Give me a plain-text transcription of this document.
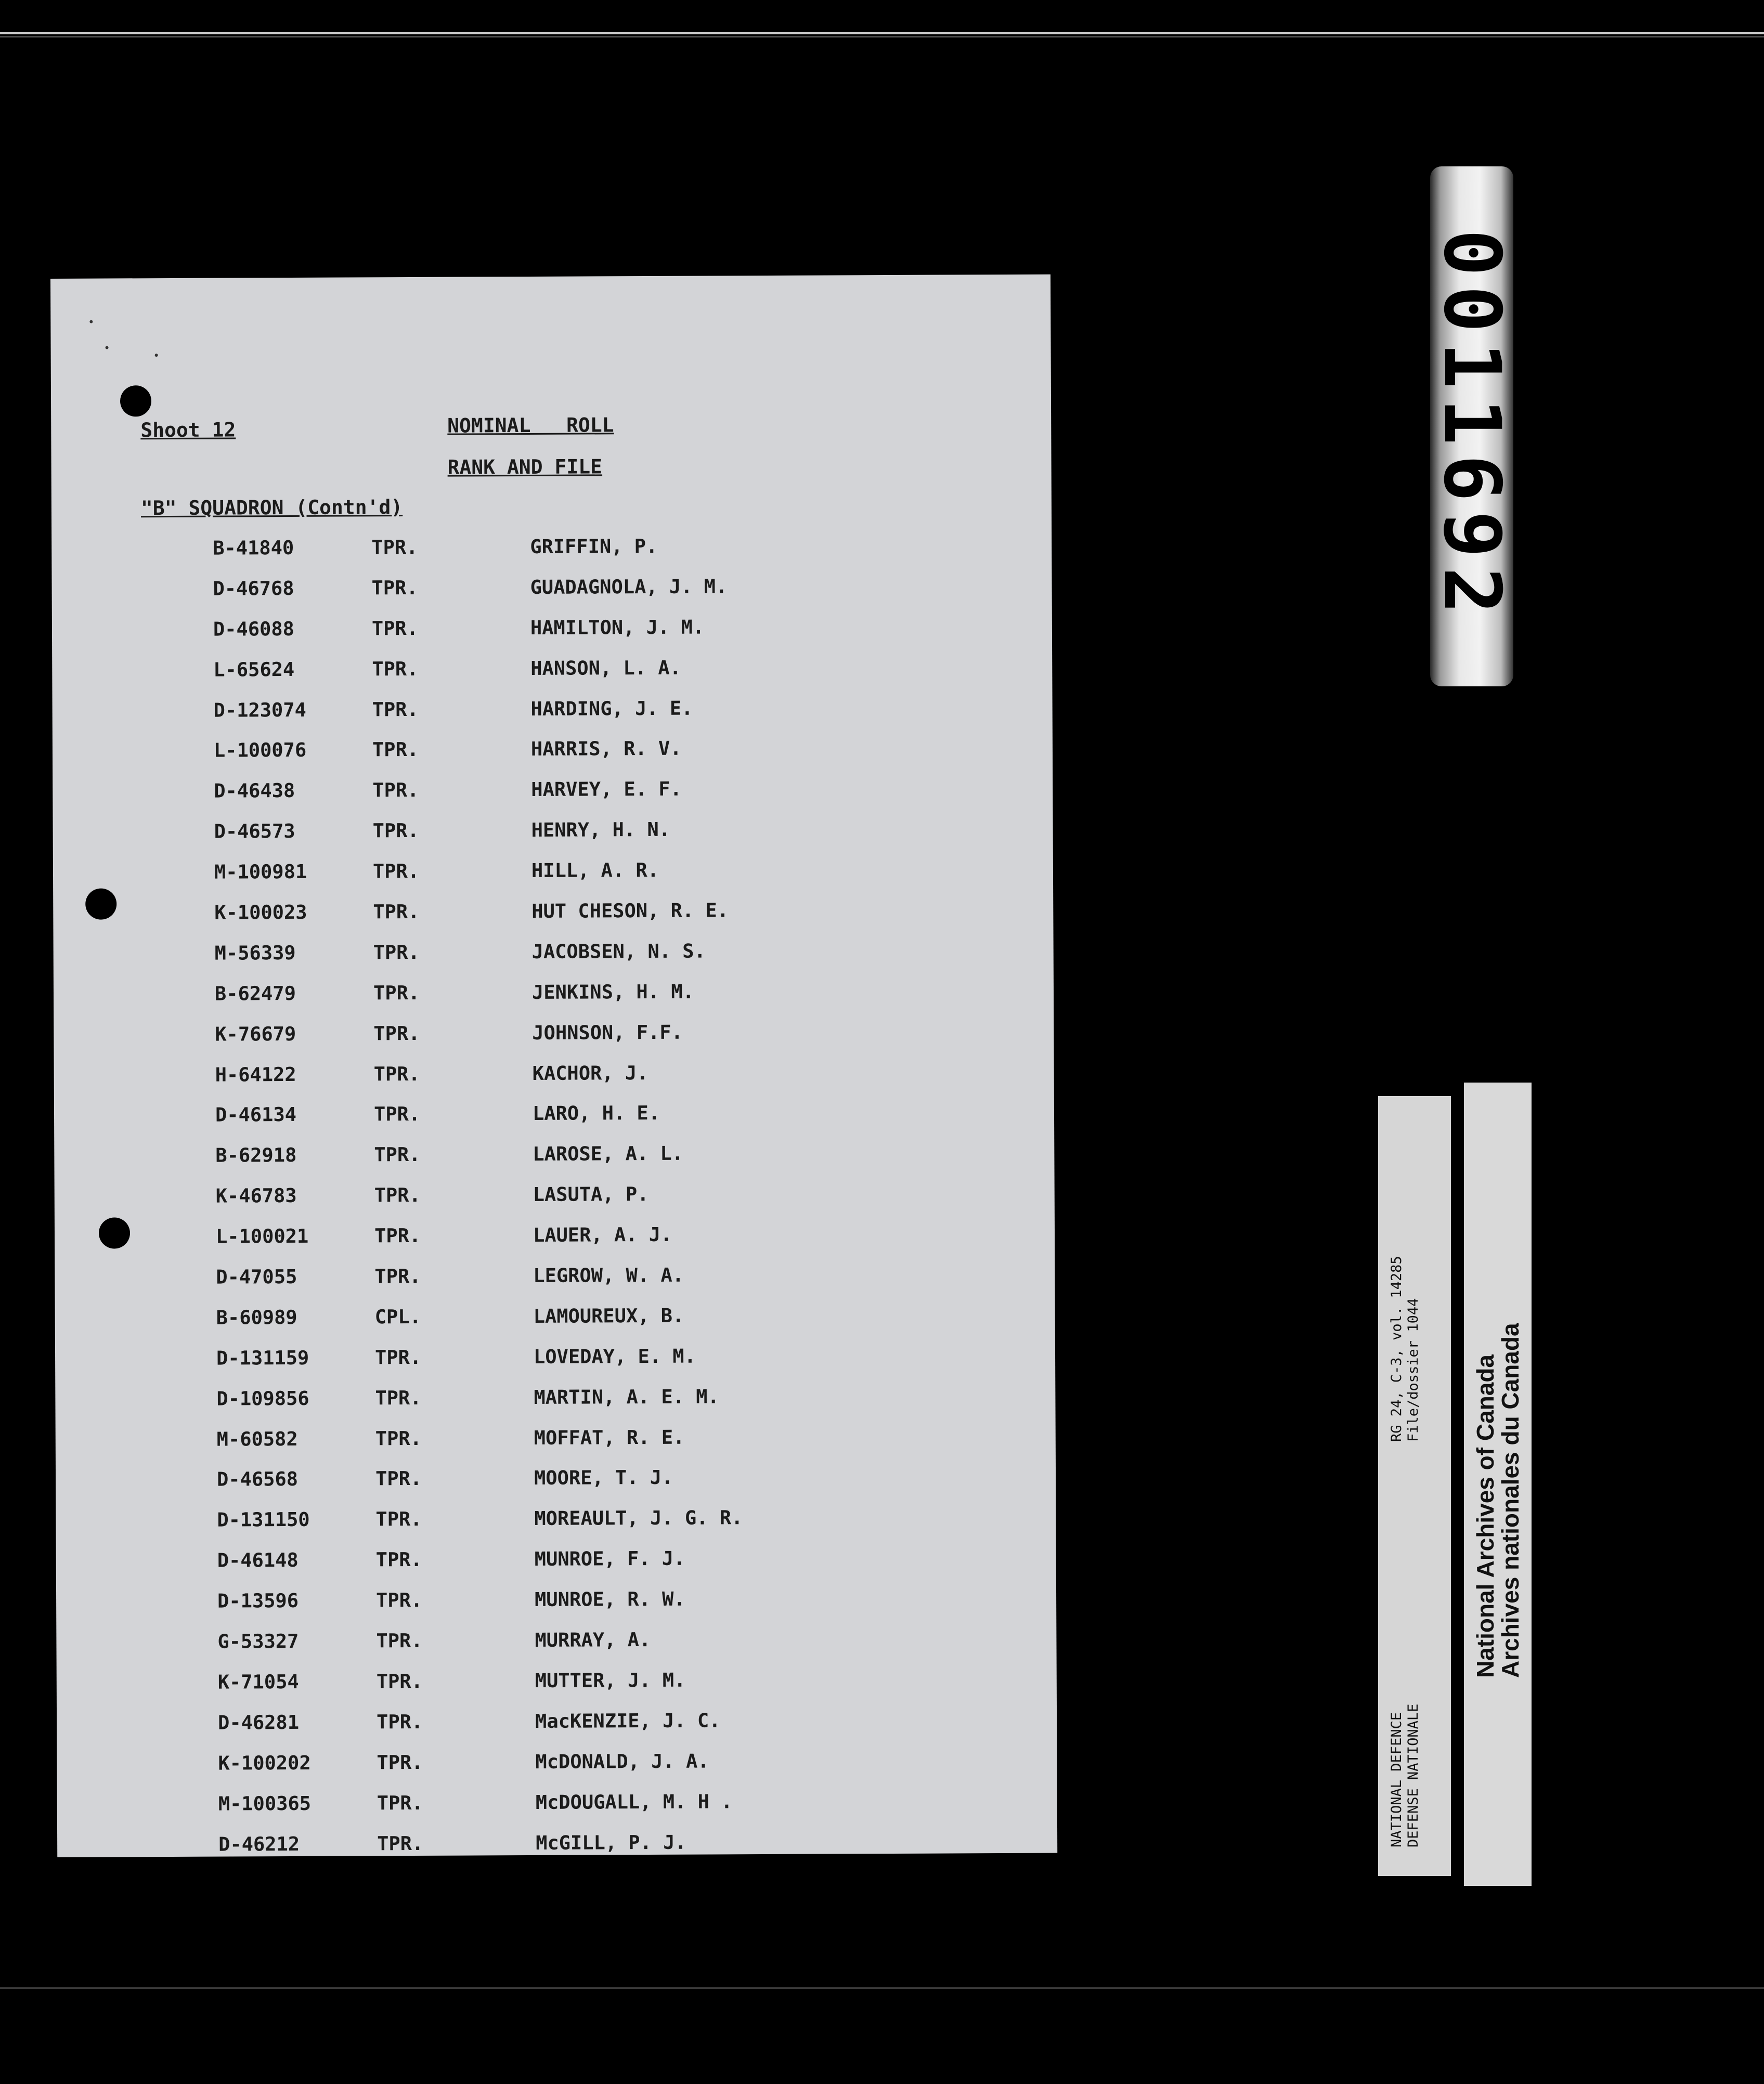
Shoot 12	NOMINAL   ROLL
RANK AND FILE
"B" SQUADRON (Contn'd)
B-41840	TPR.	GRIFFIN, P.
D-46768	TPR.	GUADAGNOLA, J. M.
D-46088	TPR.	HAMILTON, J. M.
L-65624	TPR.	HANSON, L. A.
D-123074	TPR.	HARDING, J. E.
L-100076	TPR.	HARRIS, R. V.
D-46438	TPR.	HARVEY, E. F.
D-46573	TPR.	HENRY, H. N.
M-100981	TPR.	HILL, A. R.
K-100023	TPR.	HUT CHESON, R. E.
M-56339	TPR.	JACOBSEN, N. S.
B-62479	TPR.	JENKINS, H. M.
K-76679	TPR.	JOHNSON, F.F.
H-64122	TPR.	KACHOR, J.
D-46134	TPR.	LARO, H. E.
B-62918	TPR.	LAROSE, A. L.
K-46783	TPR.	LASUTA, P.
L-100021	TPR.	LAUER, A. J.
D-47055	TPR.	LEGROW, W. A.
B-60989	CPL.	LAMOUREUX, B.
D-131159	TPR.	LOVEDAY, E. M.
D-109856	TPR.	MARTIN, A. E. M.
M-60582	TPR.	MOFFAT, R. E.
D-46568	TPR.	MOORE, T. J.
D-131150	TPR.	MOREAULT, J. G. R.
D-46148	TPR.	MUNROE, F. J.
D-13596	TPR.	MUNROE, R. W.
G-53327	TPR.	MURRAY, A.
K-71054	TPR.	MUTTER, J. M.
D-46281	TPR.	MacKENZIE, J. C.
K-100202	TPR.	McDONALD, J. A.
M-100365	TPR.	McDOUGALL, M. H .
D-46212	TPR.	McGILL, P. J.
0011692
NATIONAL DEFENCE DEFENSE NATIONALE
RG 24, C-3, vol. 14285 File/dossier 1044 National Archives of Canada
Archives nationales du Canada
